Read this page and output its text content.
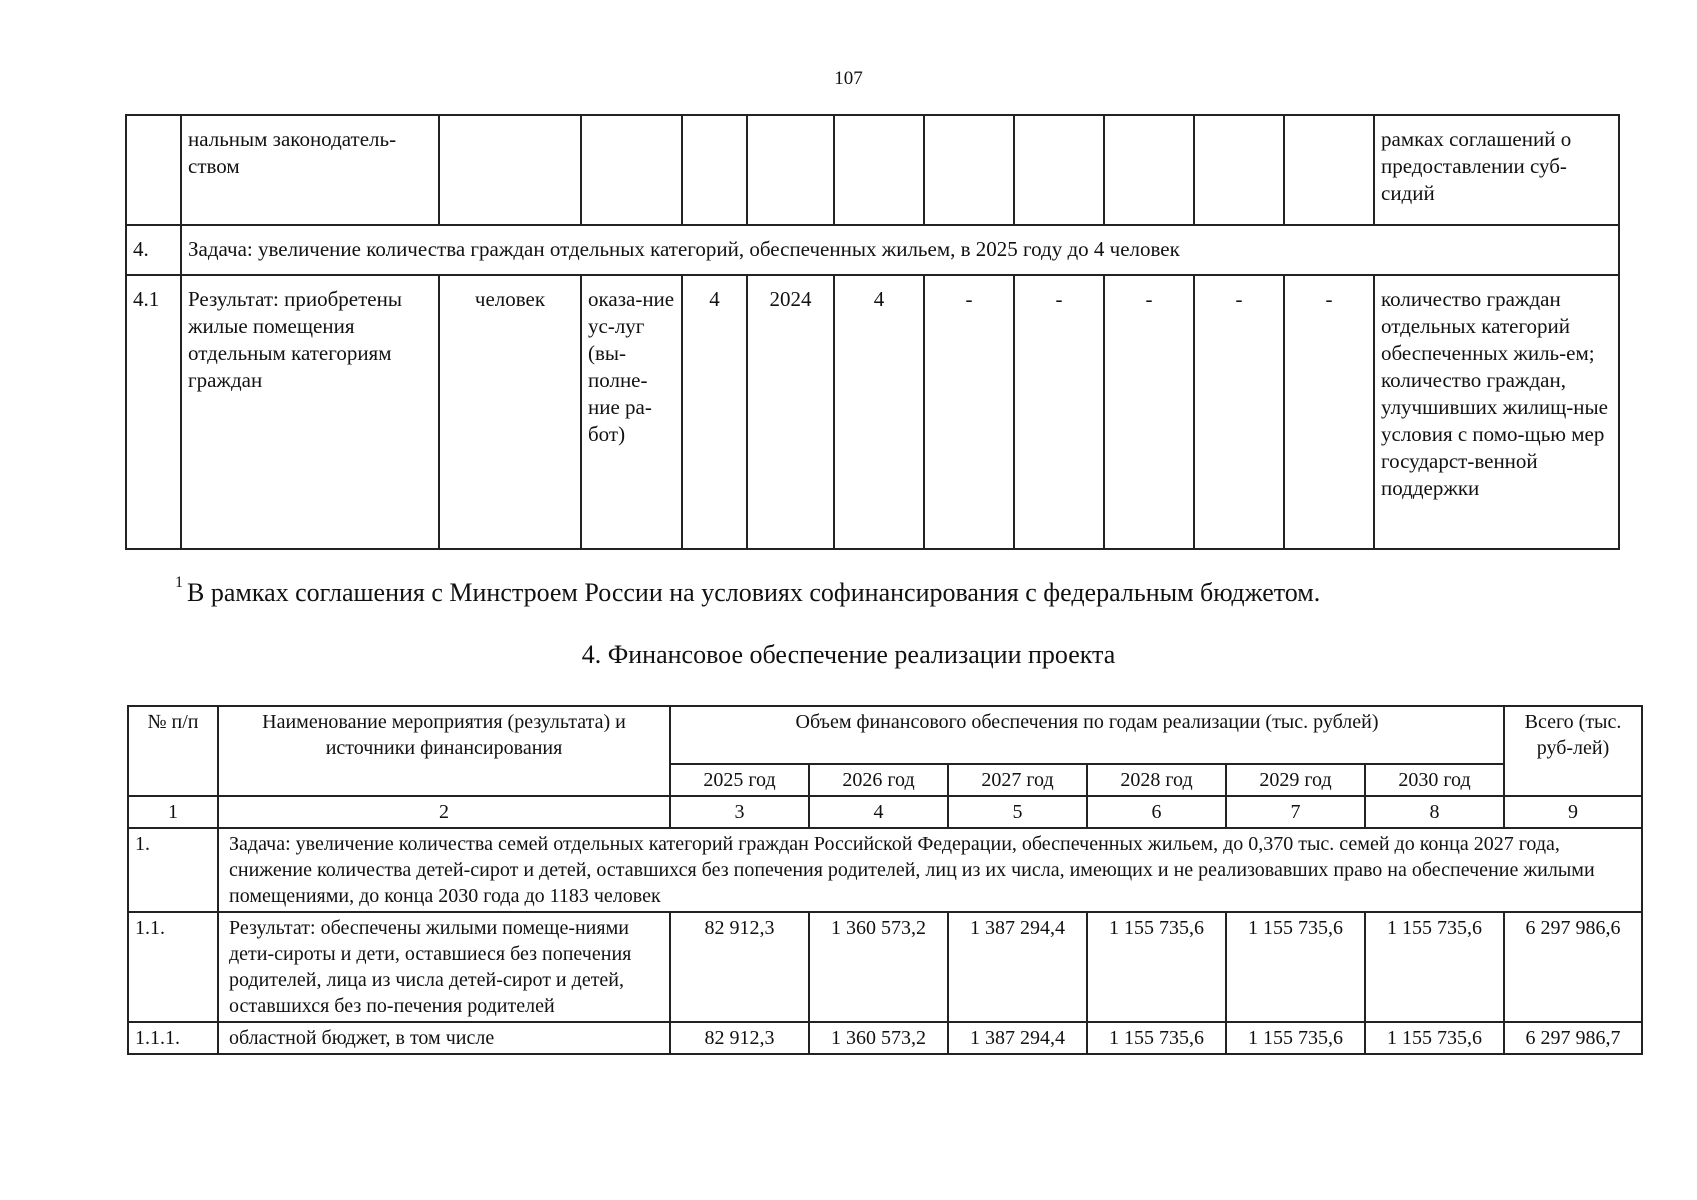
107
	нальным законодатель-ством											рамках соглашений о предоставлении суб-сидий
4.	Задача: увеличение количества граждан отдельных категорий, обеспеченных жильем, в 2025 году до 4 человек											
4.1	Результат: приобретены жилые помещения отдельным категориям граждан	человек	оказа-ние ус-луг (вы-полне-ние ра-бот)	4	2024	4	-	-	-	-	-	количество граждан отдельных категорий обеспеченных жиль-ем; количество граждан, улучшивших жилищ-ные условия с помо-щью мер государст-венной поддержки
$^1$ В рамках соглашения с Минстроем России на условиях софинансирования с федеральным бюджетом.
4. Финансовое обеспечение реализации проекта
№ п/п	Наименование мероприятия (результата) и источники финансирования	Объем финансового обеспечения по годам реализации (тыс. рублей)						Всего (тыс. руб-лей)
		2025 год	2026 год	2027 год	2028 год	2029 год	2030 год	
1	2	3	4	5	6	7	8	9
1.	Задача: увеличение количества семей отдельных категорий граждан Российской Федерации, обеспеченных жильем, до 0,370 тыс. семей до конца 2027 года, снижение количества детей-сирот и детей, оставшихся без попечения родителей, лиц из их числа, имеющих и не реализовавших право на обеспечение жилыми помещениями, до конца 2030 года до 1183 человек							
1.1.	Результат: обеспечены жилыми помеще-ниями дети-сироты и дети, оставшиеся без попечения родителей, лица из числа детей-сирот и детей, оставшихся без по-печения родителей	82 912,3	1 360 573,2	1 387 294,4	1 155 735,6	1 155 735,6	1 155 735,6	6 297 986,6
1.1.1.	областной бюджет, в том числе	82 912,3	1 360 573,2	1 387 294,4	1 155 735,6	1 155 735,6	1 155 735,6	6 297 986,7
